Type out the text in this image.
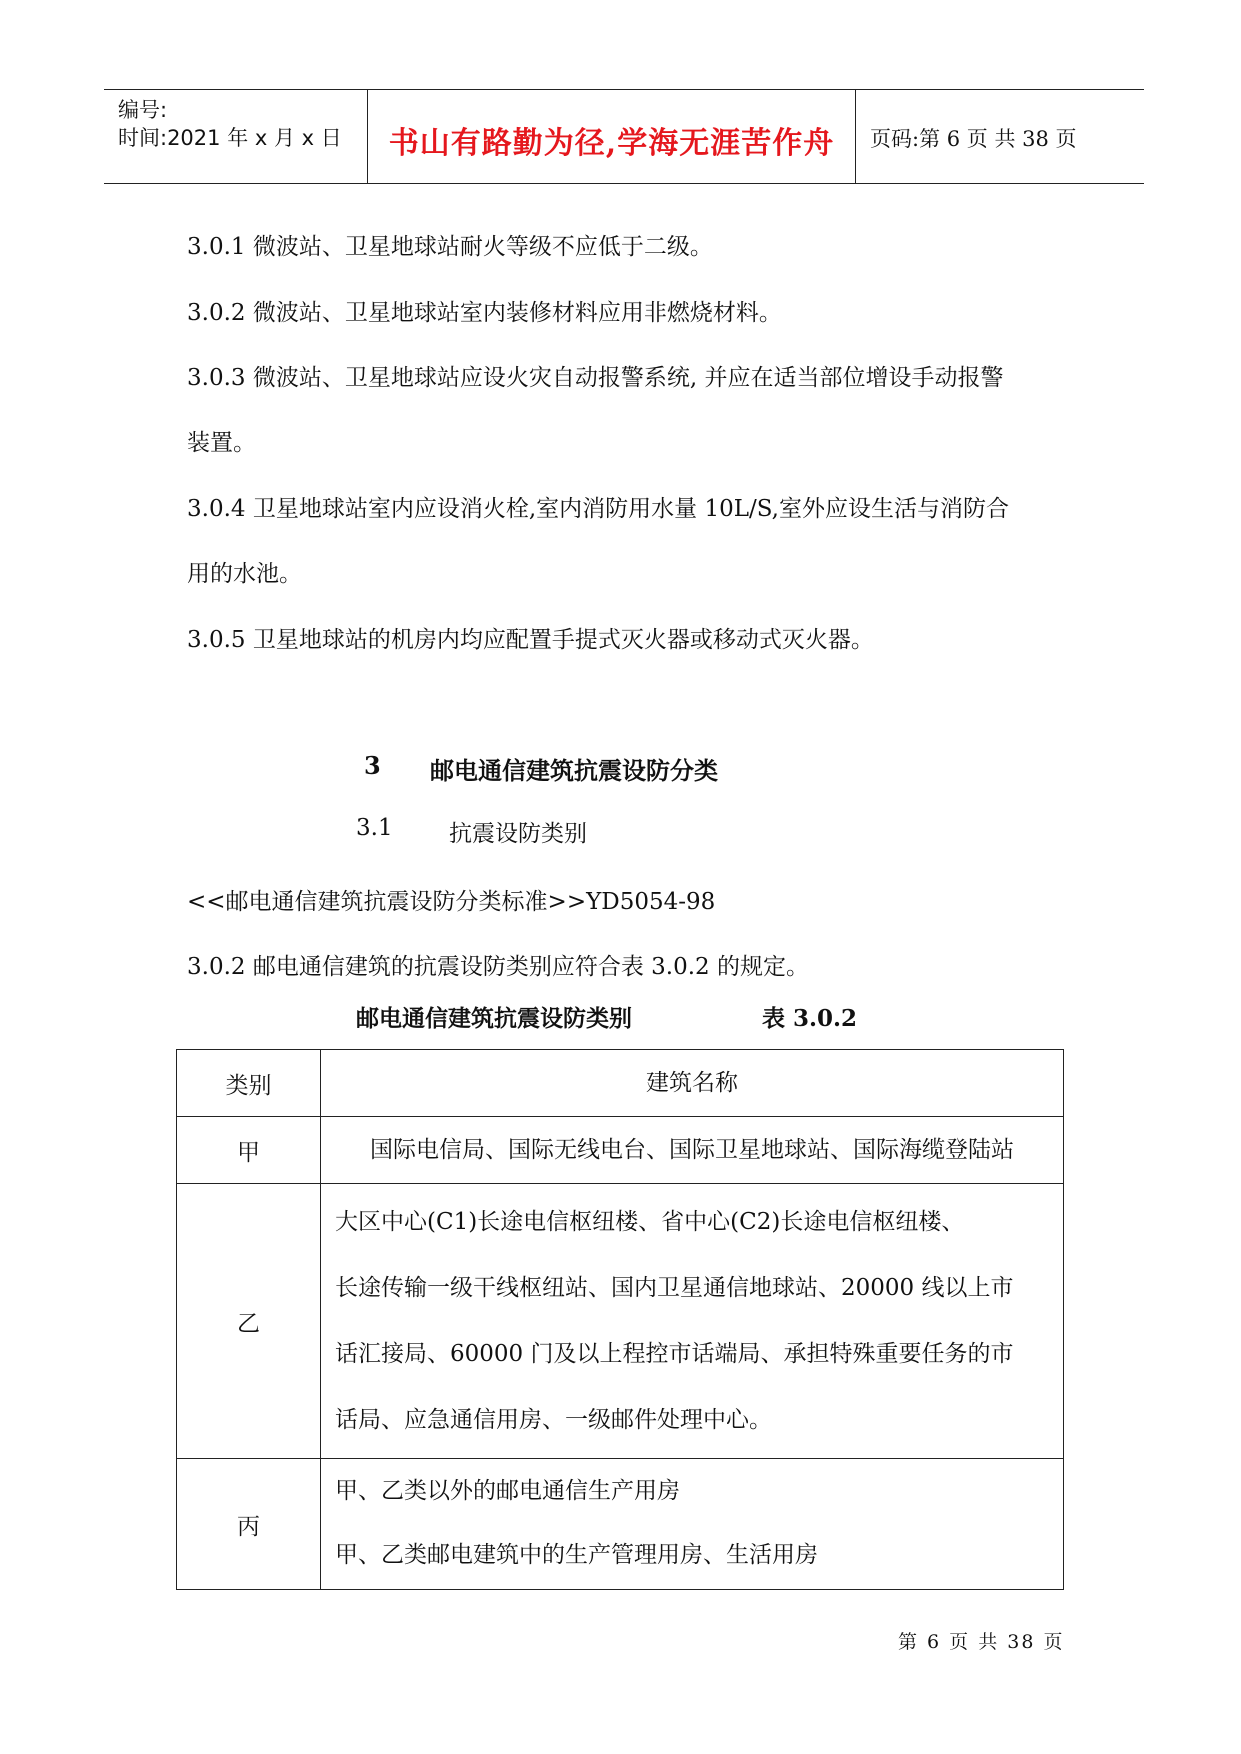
编号:
时间:2021 年 x 月 x 日	书山有路勤为径,学海无涯苦作舟	页码:第 6 页 共 38 页
3.0.1 微波站、卫星地球站耐火等级不应低于二级。
3.0.2 微波站、卫星地球站室内装修材料应用非燃烧材料。
3.0.3 微波站、卫星地球站应设火灾自动报警系统, 并应在适当部位增设手动报警
装置。
3.0.4 卫星地球站室内应设消火栓,室内消防用水量 10L/S,室外应设生活与消防合
用的水池。
3.0.5 卫星地球站的机房内均应配置手提式灭火器或移动式灭火器。
3 邮电通信建筑抗震设防分类
3.1 抗震设防类别
<<邮电通信建筑抗震设防分类标准>>YD5054-98
3.0.2 邮电通信建筑的抗震设防类别应符合表 3.0.2 的规定。
邮电通信建筑抗震设防类别	表 3.0.2
类别	建筑名称
甲	国际电信局、国际无线电台、国际卫星地球站、国际海缆登陆站

乙	大区中心(C1)长途电信枢纽楼、省中心(C2)长途电信枢纽楼、
长途传输一级干线枢纽站、国内卫星通信地球站、20000 线以上市
话汇接局、60000 门及以上程控市话端局、承担特殊重要任务的市
话局、应急通信用房、一级邮件处理中心。

丙	甲、乙类以外的邮电通信生产用房
甲、乙类邮电建筑中的生产管理用房、生活用房
第 6 页 共 38 页
